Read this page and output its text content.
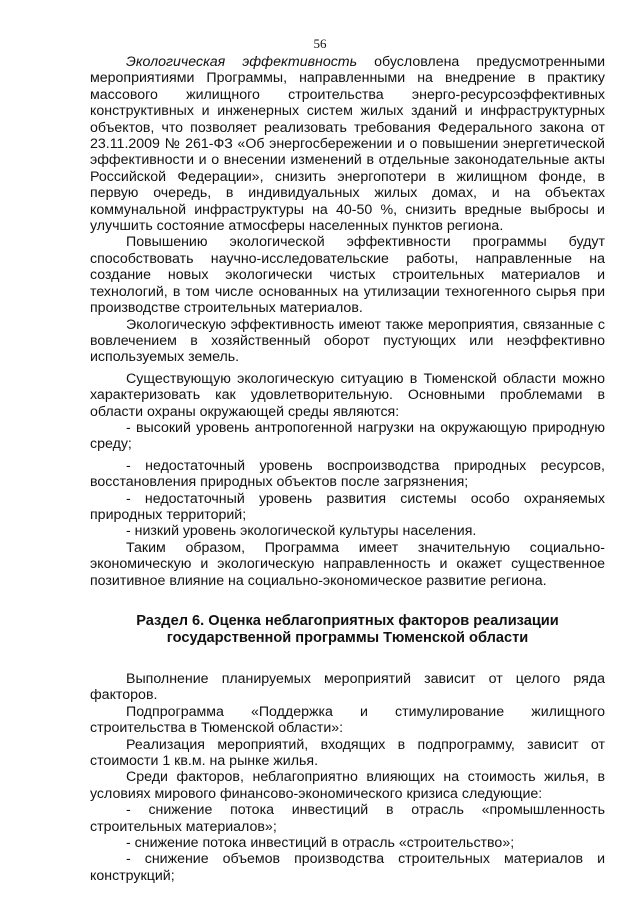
56

Экологическая эффективность обусловлена предусмотренными мероприятиями Программы, направленными на внедрение в практику массового жилищного строительства энерго-ресурсоэффективных конструктивных и инженерных систем жилых зданий и инфраструктурных объектов, что позволяет реализовать требования Федерального закона от 23.11.2009 № 261-ФЗ «Об энергосбережении и о повышении энергетической эффективности и о внесении изменений в отдельные законодательные акты Российской Федерации», снизить энергопотери в жилищном фонде, в первую очередь, в индивидуальных жилых домах, и на объектах коммунальной инфраструктуры на 40-50 %, снизить вредные выбросы и улучшить состояние атмосферы населенных пунктов региона.

Повышению экологической эффективности программы будут способствовать научно-исследовательские работы, направленные на создание новых экологически чистых строительных материалов и технологий, в том числе основанных на утилизации техногенного сырья при производстве строительных материалов.

Экологическую эффективность имеют также мероприятия, связанные с вовлечением в хозяйственный оборот пустующих или неэффективно используемых земель.

Существующую экологическую ситуацию в Тюменской области можно характеризовать как удовлетворительную. Основными проблемами в области охраны окружающей среды являются:

- высокий уровень антропогенной нагрузки на окружающую природную среду;

- недостаточный уровень воспроизводства природных ресурсов, восстановления природных объектов после загрязнения;

- недостаточный уровень развития системы особо охраняемых природных территорий;

- низкий уровень экологической культуры населения.

Таким образом, Программа имеет значительную социально-экономическую и экологическую направленность и окажет существенное позитивное влияние на социально-экономическое развитие региона.

Раздел 6. Оценка неблагоприятных факторов реализации
государственной программы Тюменской области

Выполнение планируемых мероприятий зависит от целого ряда факторов.

Подпрограмма «Поддержка и стимулирование жилищного строительства в Тюменской области»:

Реализация мероприятий, входящих в подпрограмму, зависит от стоимости 1 кв.м. на рынке жилья.

Среди факторов, неблагоприятно влияющих на стоимость жилья, в условиях мирового финансово-экономического кризиса следующие:

- снижение потока инвестиций в отрасль «промышленность строительных материалов»;

- снижение потока инвестиций в отрасль «строительство»;

- снижение объемов производства строительных материалов и конструкций;
